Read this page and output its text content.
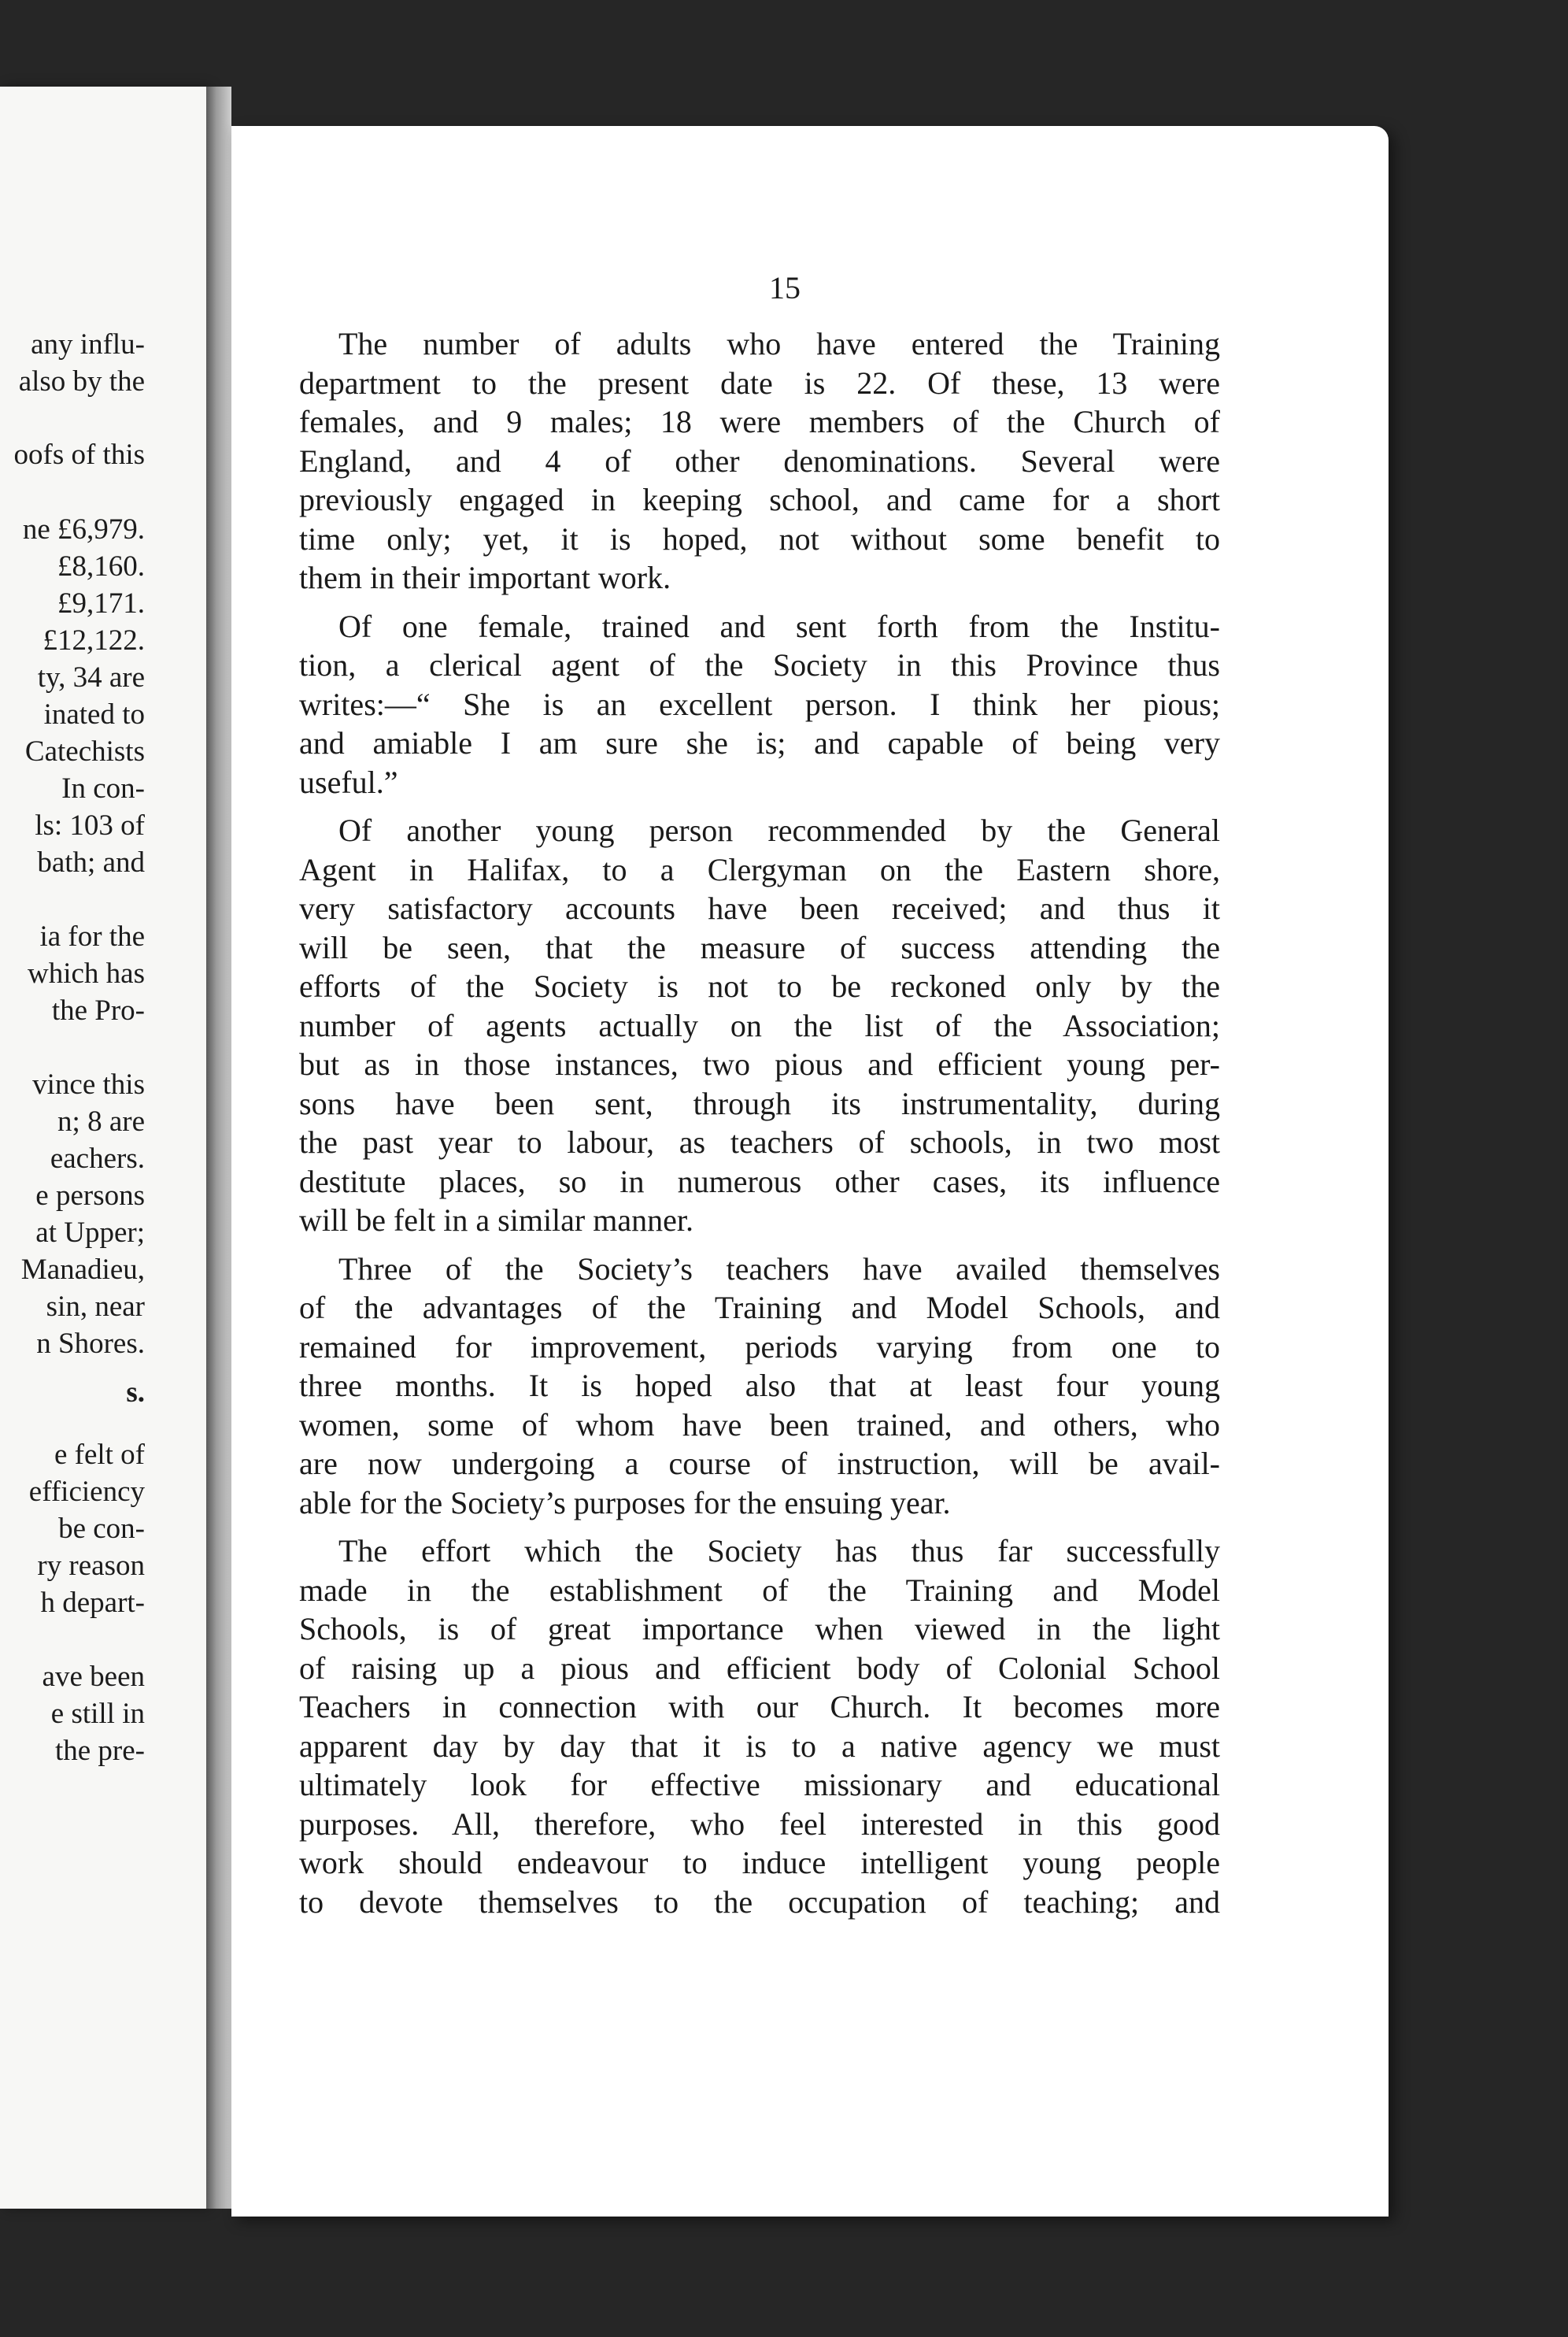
any influ-
also by the
oofs of this
ne £6,979.
£8,160.
£9,171.
£12,122.
ty, 34 are
inated to
Catechists
In con-
ls: 103 of
bath; and
ia for the
which has
the Pro-
vince this
n; 8 are
eachers.
e persons
at Upper;
Manadieu,
sin, near
n Shores.
s.
e felt of
efficiency
be con-
ry reason
h depart-
ave been
e still in
the pre-
15
The number of adults who have entered the Training
department to the present date is 22. Of these, 13 were
females, and 9 males; 18 were members of the Church of
England, and 4 of other denominations. Several were
previously engaged in keeping school, and came for a short
time only; yet, it is hoped, not without some benefit to
them in their important work.
Of one female, trained and sent forth from the Institu-
tion, a clerical agent of the Society in this Province thus
writes:—“ She is an excellent person. I think her pious;
and amiable I am sure she is; and capable of being very
useful.”
Of another young person recommended by the General
Agent in Halifax, to a Clergyman on the Eastern shore,
very satisfactory accounts have been received; and thus it
will be seen, that the measure of success attending the
efforts of the Society is not to be reckoned only by the
number of agents actually on the list of the Association;
but as in those instances, two pious and efficient young per-
sons have been sent, through its instrumentality, during
the past year to labour, as teachers of schools, in two most
destitute places, so in numerous other cases, its influence
will be felt in a similar manner.
Three of the Society’s teachers have availed themselves
of the advantages of the Training and Model Schools, and
remained for improvement, periods varying from one to
three months. It is hoped also that at least four young
women, some of whom have been trained, and others, who
are now undergoing a course of instruction, will be avail-
able for the Society’s purposes for the ensuing year.
The effort which the Society has thus far successfully
made in the establishment of the Training and Model
Schools, is of great importance when viewed in the light
of raising up a pious and efficient body of Colonial School
Teachers in connection with our Church. It becomes more
apparent day by day that it is to a native agency we must
ultimately look for effective missionary and educational
purposes. All, therefore, who feel interested in this good
work should endeavour to induce intelligent young people
to devote themselves to the occupation of teaching; and
